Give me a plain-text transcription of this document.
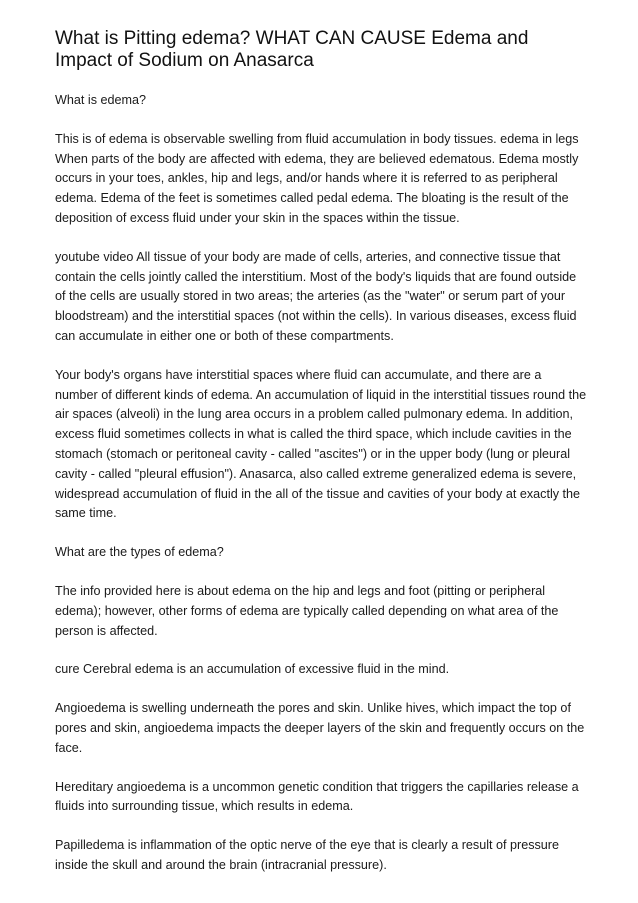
What is Pitting edema? WHAT CAN CAUSE Edema and Impact of Sodium on Anasarca

What is edema?

This is of edema is observable swelling from fluid accumulation in body tissues. edema in legs When parts of the body are affected with edema, they are believed edematous. Edema mostly occurs in your toes, ankles, hip and legs, and/or hands where it is referred to as peripheral edema. Edema of the feet is sometimes called pedal edema. The bloating is the result of the deposition of excess fluid under your skin in the spaces within the tissue.

youtube video All tissue of your body are made of cells, arteries, and connective tissue that contain the cells jointly called the interstitium. Most of the body's liquids that are found outside of the cells are usually stored in two areas; the arteries (as the "water" or serum part of your bloodstream) and the interstitial spaces (not within the cells). In various diseases, excess fluid can accumulate in either one or both of these compartments.

Your body's organs have interstitial spaces where fluid can accumulate, and there are a number of different kinds of edema. An accumulation of liquid in the interstitial tissues round the air spaces (alveoli) in the lung area occurs in a problem called pulmonary edema. In addition, excess fluid sometimes collects in what is called the third space, which include cavities in the stomach (stomach or peritoneal cavity - called "ascites") or in the upper body (lung or pleural cavity - called "pleural effusion"). Anasarca, also called extreme generalized edema is severe, widespread accumulation of fluid in the all of the tissue and cavities of your body at exactly the same time.

What are the types of edema?

The info provided here is about edema on the hip and legs and foot (pitting or peripheral edema); however, other forms of edema are typically called depending on what area of the person is affected.

cure Cerebral edema is an accumulation of excessive fluid in the mind.

Angioedema is swelling underneath the pores and skin. Unlike hives, which impact the top of pores and skin, angioedema impacts the deeper layers of the skin and frequently occurs on the face.

Hereditary angioedema is a uncommon genetic condition that triggers the capillaries release a fluids into surrounding tissue, which results in edema.

Papilledema is inflammation of the optic nerve of the eye that is clearly a result of pressure inside the skull and around the brain (intracranial pressure).
